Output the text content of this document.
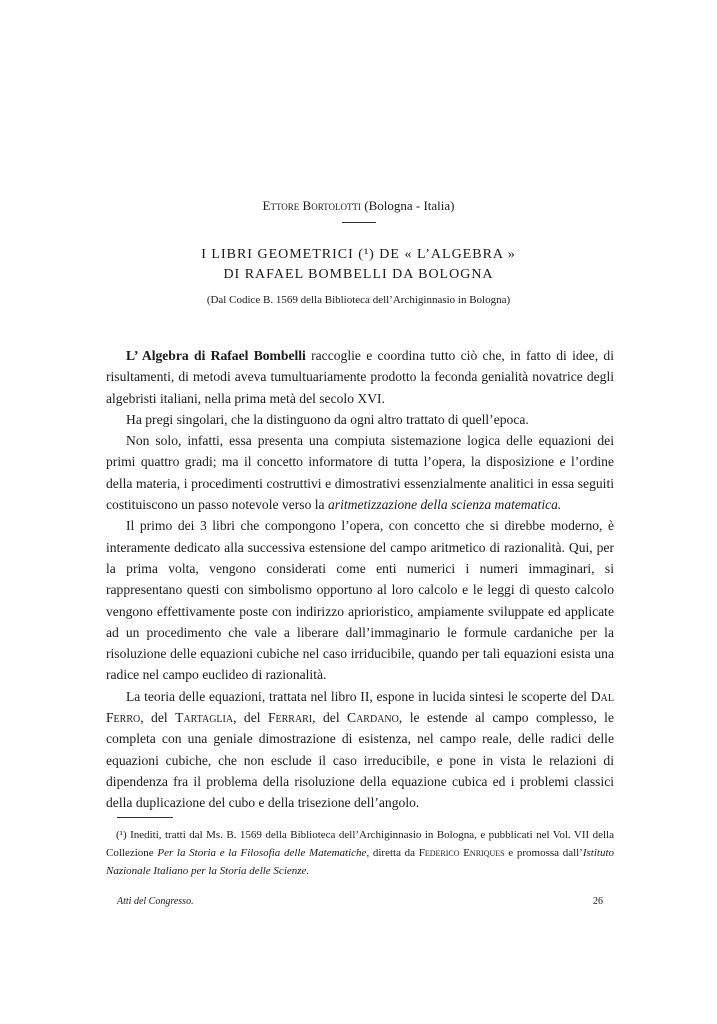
Ettore Bortolotti (Bologna - Italia)
I LIBRI GEOMETRICI (¹) DE « L’ALGEBRA »
DI RAFAEL BOMBELLI DA BOLOGNA
(Dal Codice B. 1569 della Biblioteca dell’Archiginnasio in Bologna)

L’ Algebra di Rafael Bombelli raccoglie e coordina tutto ciò che, in fatto di idee, di risultamenti, di metodi aveva tumultuariamente prodotto la feconda genialità novatrice degli algebristi italiani, nella prima metà del secolo XVI.

Ha pregi singolari, che la distinguono da ogni altro trattato di quell’epoca.

Non solo, infatti, essa presenta una compiuta sistemazione logica delle equazioni dei primi quattro gradi; ma il concetto informatore di tutta l’opera, la disposizione e l’ordine della materia, i procedimenti costruttivi e dimostrativi essenzialmente analitici in essa seguiti costituiscono un passo notevole verso la aritmetizzazione della scienza matematica.

Il primo dei 3 libri che compongono l’opera, con concetto che si direbbe moderno, è interamente dedicato alla successiva estensione del campo aritmetico di razionalità. Qui, per la prima volta, vengono considerati come enti numerici i numeri immaginari, si rappresentano questi con simbolismo opportuno al loro calcolo e le leggi di questo calcolo vengono effettivamente poste con indirizzo aprioristico, ampiamente sviluppate ed applicate ad un procedimento che vale a liberare dall’immaginario le formule cardaniche per la risoluzione delle equazioni cubiche nel caso irriducibile, quando per tali equazioni esista una radice nel campo euclideo di razionalità.

La teoria delle equazioni, trattata nel libro II, espone in lucida sintesi le scoperte del Dal Ferro, del Tartaglia, del Ferrari, del Cardano, le estende al campo complesso, le completa con una geniale dimostrazione di esistenza, nel campo reale, delle radici delle equazioni cubiche, che non esclude il caso irreducibile, e pone in vista le relazioni di dipendenza fra il problema della risoluzione della equazione cubica ed i problemi classici della duplicazione del cubo e della trisezione dell’angolo.

(¹) Inediti, tratti dal Ms. B. 1569 della Biblioteca dell’Archiginnasio in Bologna, e pubblicati nel Vol. VII della Collezione Per la Storia e la Filosofia delle Matematiche, diretta da Federico Enriques e promossa dall’Istituto Nazionale Italiano per la Storia delle Scienze.

Atti del Congresso.	26
